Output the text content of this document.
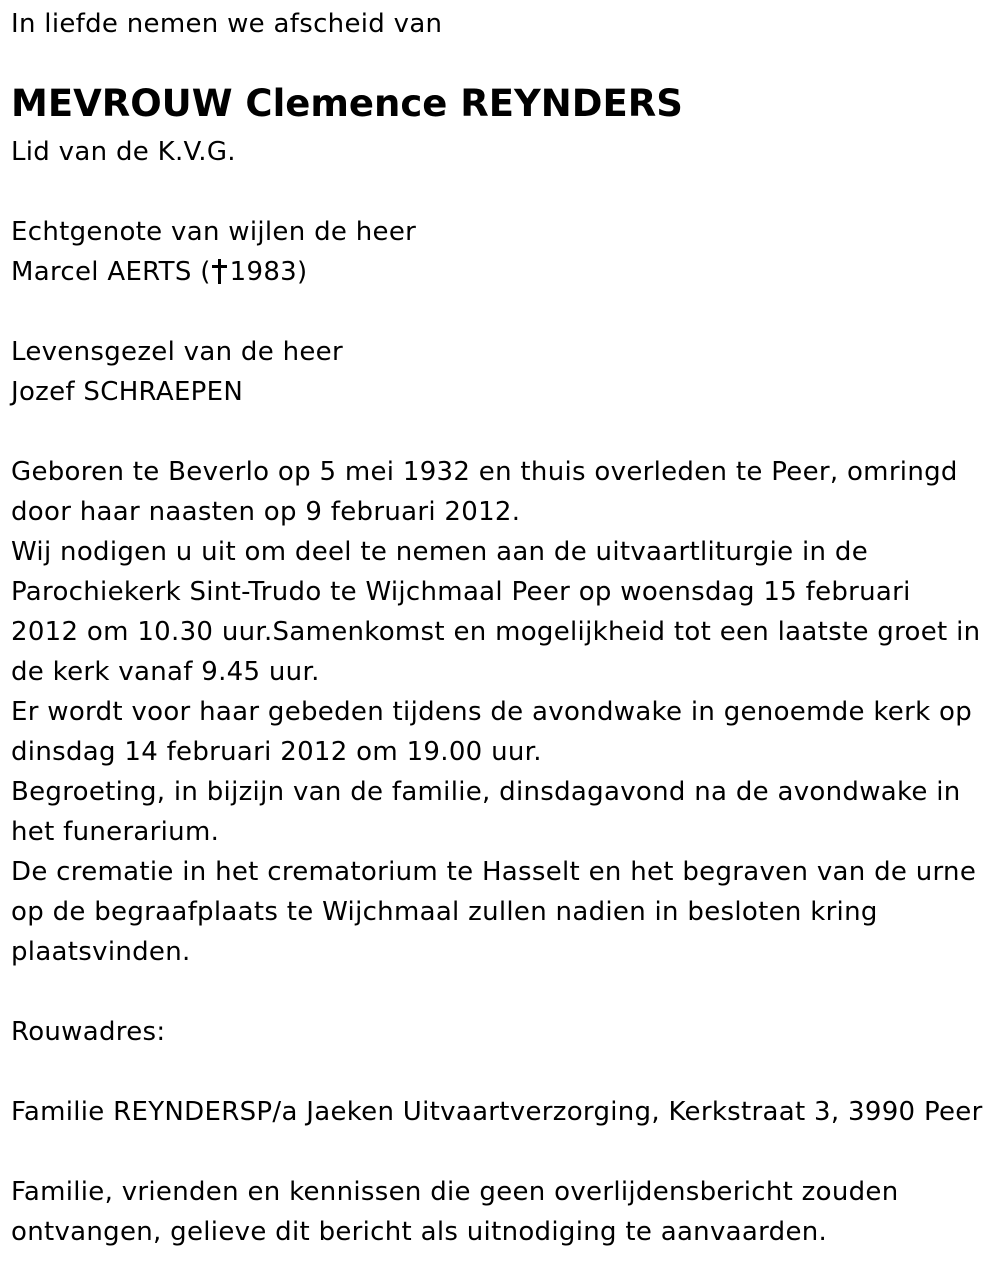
In liefde nemen we afscheid van
MEVROUW Clemence REYNDERS
Lid van de K.V.G.
Echtgenote van wijlen de heer
Marcel AERTS ( 1983)
Levensgezel van de heer
Jozef SCHRAEPEN
Geboren te Beverlo op 5 mei 1932 en thuis overleden te Peer, omringd
door haar naasten op 9 februari 2012.
Wij nodigen u uit om deel te nemen aan de uitvaartliturgie in de
Parochiekerk Sint-Trudo te Wijchmaal Peer op woensdag 15 februari
2012 om 10.30 uur.Samenkomst en mogelijkheid tot een laatste groet in
de kerk vanaf 9.45 uur.
Er wordt voor haar gebeden tijdens de avondwake in genoemde kerk op
dinsdag 14 februari 2012 om 19.00 uur.
Begroeting, in bijzijn van de familie, dinsdagavond na de avondwake in
het funerarium.
De crematie in het crematorium te Hasselt en het begraven van de urne
op de begraafplaats te Wijchmaal zullen nadien in besloten kring
plaatsvinden.
Rouwadres:
Familie REYNDERSP/a Jaeken Uitvaartverzorging, Kerkstraat 3, 3990 Peer
Familie, vrienden en kennissen die geen overlijdensbericht zouden
ontvangen, gelieve dit bericht als uitnodiging te aanvaarden.
